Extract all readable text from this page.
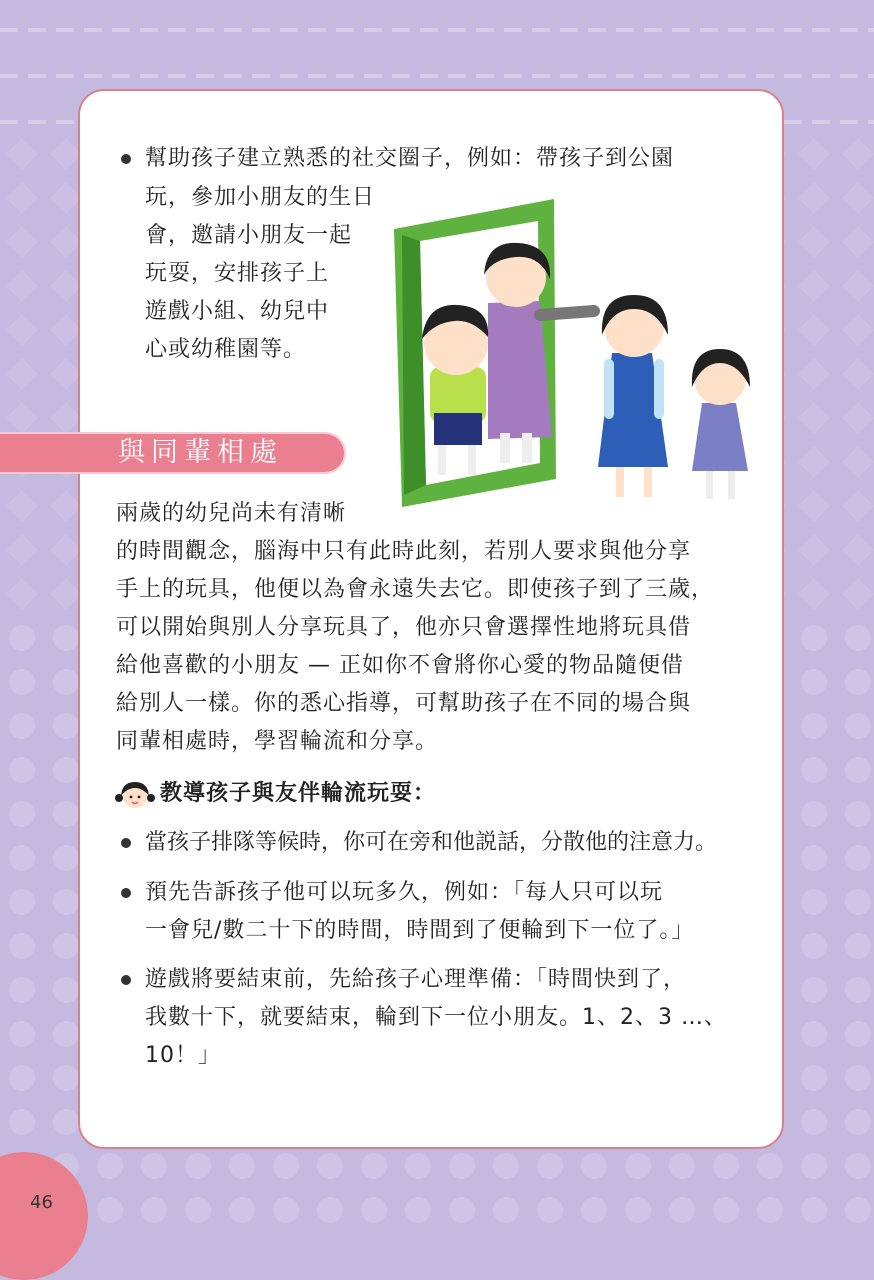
幫助孩子建立熟悉的社交圈子，例如：帶孩子到公園
玩，參加小朋友的生日
會，邀請小朋友一起
玩耍，安排孩子上
遊戲小組、幼兒中
心或幼稚園等。
與同輩相處
兩歲的幼兒尚未有清晰
的時間觀念，腦海中只有此時此刻，若別人要求與他分享
手上的玩具，他便以為會永遠失去它。即使孩子到了三歲，
可以開始與別人分享玩具了，他亦只會選擇性地將玩具借
給他喜歡的小朋友 — 正如你不會將你心愛的物品隨便借
給別人一樣。你的悉心指導，可幫助孩子在不同的場合與
同輩相處時，學習輪流和分享。
教導孩子與友伴輪流玩耍：
當孩子排隊等候時，你可在旁和他説話，分散他的注意力。
預先告訴孩子他可以玩多久，例如：「每人只可以玩
一會兒/數二十下的時間，時間到了便輪到下一位了。」
遊戲將要結束前，先給孩子心理準備：「時間快到了，
我數十下，就要結束，輪到下一位小朋友。1、2、3 …、
10！」
46
